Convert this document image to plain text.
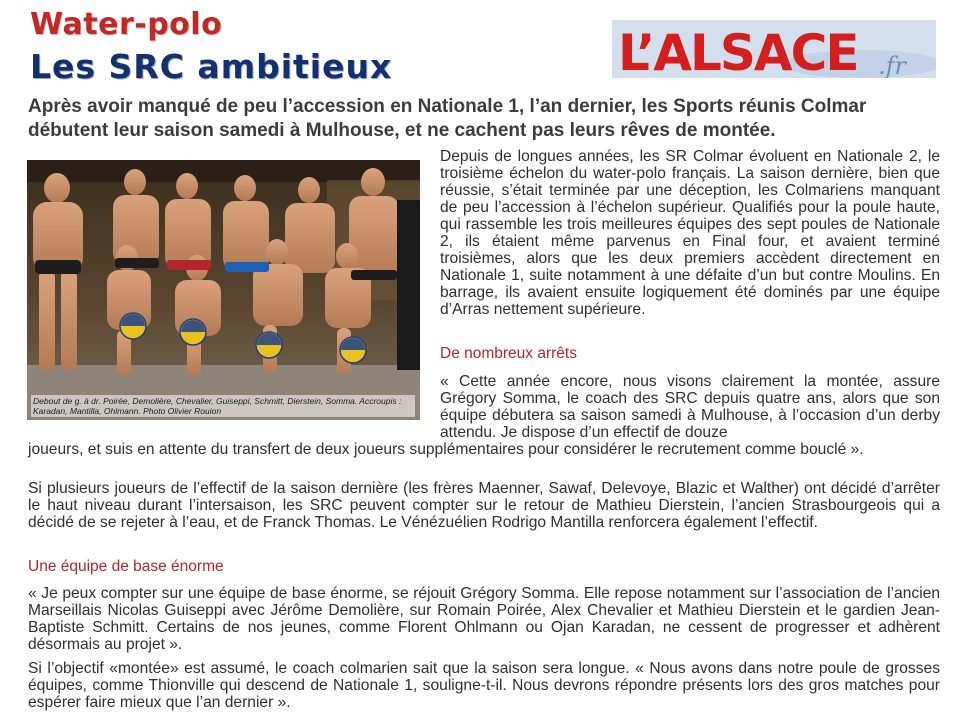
Water-polo
Les SRC ambitieux	L’ALSACE .fr
Après avoir manqué de peu l’accession en Nationale 1, l’an dernier, les Sports réunis Colmar débutent leur saison samedi à Mulhouse, et ne cachent pas leurs rêves de montée.
Debout de g. à dr. Poirée, Demolière, Chevalier, Guiseppi, Schmitt, Dierstein, Somma. Accroupis : Karadan, Mantilla, Ohlmann. Photo Olivier Rouion

Depuis de longues années, les SR Colmar évoluent en Nationale 2, le troisième échelon du water-polo français. La saison dernière, bien que réussie, s’était terminée par une déception, les Colmariens manquant de peu l’accession à l’échelon supérieur. Qualifiés pour la poule haute, qui rassemble les trois meilleures équipes des sept poules de Nationale 2, ils étaient même parvenus en Final four, et avaient terminé troisièmes, alors que les deux premiers accèdent directement en Nationale 1, suite notamment à une défaite d’un but contre Moulins. En barrage, ils avaient ensuite logiquement été dominés par une équipe d’Arras nettement supérieure.

De nombreux arrêts

« Cette année encore, nous visons clairement la montée, assure Grégory Somma, le coach des SRC depuis quatre ans, alors que son équipe débutera sa saison samedi à Mulhouse, à l’occasion d’un derby attendu. Je dispose d’un effectif de douze

joueurs, et suis en attente du transfert de deux joueurs supplémentaires pour considérer le recrutement comme bouclé ».

Si plusieurs joueurs de l’effectif de la saison dernière (les frères Maenner, Sawaf, Delevoye, Blazic et Walther) ont décidé d’arrêter le haut niveau durant l’intersaison, les SRC peuvent compter sur le retour de Mathieu Dierstein, l’ancien Strasbourgeois qui a décidé de se rejeter à l’eau, et de Franck Thomas. Le Vénézuélien Rodrigo Mantilla renforcera également l’effectif.

Une équipe de base énorme

« Je peux compter sur une équipe de base énorme, se réjouit Grégory Somma. Elle repose notamment sur l’association de l’ancien Marseillais Nicolas Guiseppi avec Jérôme Demolière, sur Romain Poirée, Alex Chevalier et Mathieu Dierstein et le gardien Jean-Baptiste Schmitt. Certains de nos jeunes, comme Florent Ohlmann ou Ojan Karadan, ne cessent de progresser et adhèrent désormais au projet ».

Si l’objectif «montée» est assumé, le coach colmarien sait que la saison sera longue. « Nous avons dans notre poule de grosses équipes, comme Thionville qui descend de Nationale 1, souligne-t-il. Nous devrons répondre présents lors des gros matches pour espérer faire mieux que l’an dernier ».
